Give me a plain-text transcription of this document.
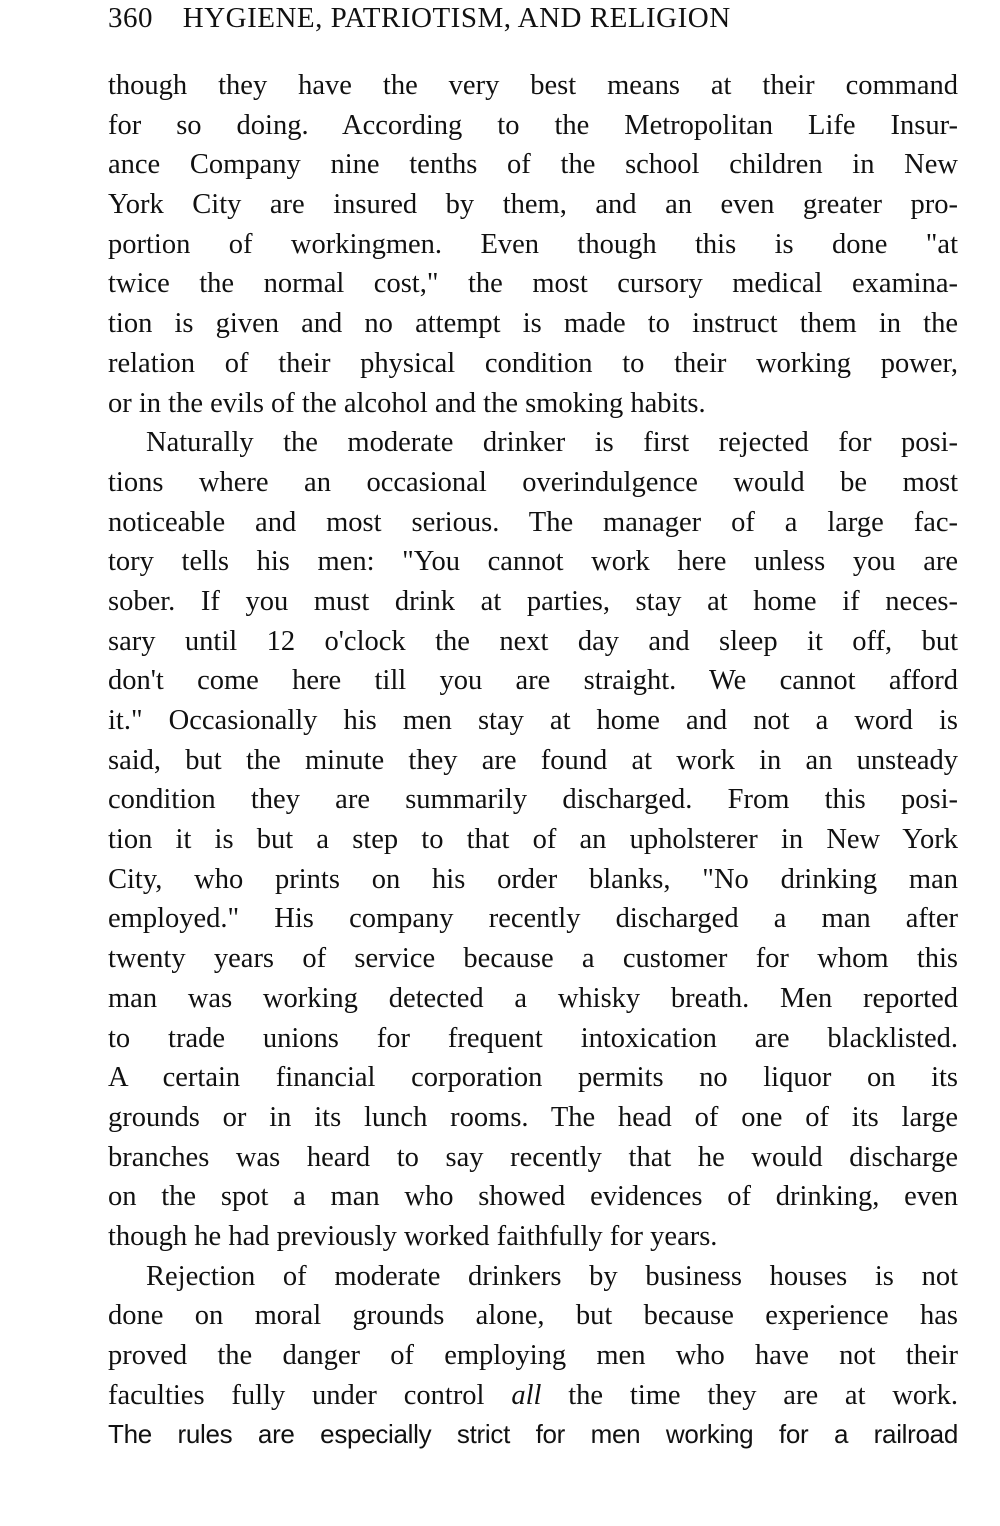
360 HYGIENE, PATRIOTISM, AND RELIGION
though they have the very best means at their command
for so doing. According to the Metropolitan Life Insur-
ance Company nine tenths of the school children in New
York City are insured by them, and an even greater pro-
portion of workingmen. Even though this is done "at
twice the normal cost," the most cursory medical examina-
tion is given and no attempt is made to instruct them in the
relation of their physical condition to their working power,
or in the evils of the alcohol and the smoking habits.
Naturally the moderate drinker is first rejected for posi-
tions where an occasional overindulgence would be most
noticeable and most serious. The manager of a large fac-
tory tells his men: "You cannot work here unless you are
sober. If you must drink at parties, stay at home if neces-
sary until 12 o'clock the next day and sleep it off, but
don't come here till you are straight. We cannot afford
it." Occasionally his men stay at home and not a word is
said, but the minute they are found at work in an unsteady
condition they are summarily discharged. From this posi-
tion it is but a step to that of an upholsterer in New York
City, who prints on his order blanks, "No drinking man
employed." His company recently discharged a man after
twenty years of service because a customer for whom this
man was working detected a whisky breath. Men reported
to trade unions for frequent intoxication are blacklisted.
A certain financial corporation permits no liquor on its
grounds or in its lunch rooms. The head of one of its large
branches was heard to say recently that he would discharge
on the spot a man who showed evidences of drinking, even
though he had previously worked faithfully for years.
Rejection of moderate drinkers by business houses is not
done on moral grounds alone, but because experience has
proved the danger of employing men who have not their
faculties fully under control all the time they are at work.
The rules are especially strict for men working for a railroad
